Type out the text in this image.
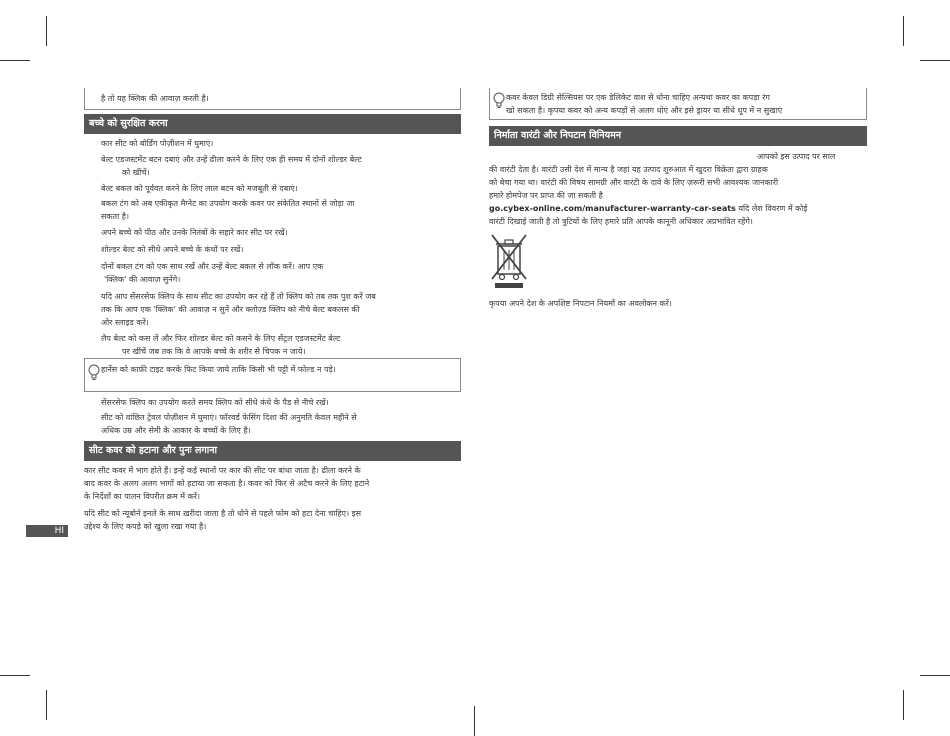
है तो यह क्लिक की आवाज़ करती है।

बच्चे को सुरक्षित करना

कार सीट को बोर्डिंग पोज़ीशन में घुमाएं।

बेल्ट एडजस्टमेंट बटन दबाएं और उन्हें ढीला करने के लिए एक ही समय में दोनों शोल्डर बेल्ट

को खींचें।

बेल्ट बकल को पूर्ववत करने के लिए लाल बटन को मजबूती से दबाएं।

बकल टंग को अब एकीकृत मैग्नेट का उपयोग करके कवर पर संकेतित स्थानों से जोड़ा जा

सकता है।

अपने बच्चे को पीठ और उनके नितंबों के सहारे कार सीट पर रखें।

शोल्डर बेल्ट को सीधे अपने बच्चे के कंधों पर रखें।

दोनों बकल टंग को एक साथ रखें और उन्हें बेल्ट बकल से लॉक करें। आप एक

'क्लिक' की आवाज़ सुनेंगे।

यदि आप सेंसरसेफ क्लिप के साथ सीट का उपयोग कर रहे हैं तो क्लिप को तब तक पुश करें जब

तक कि आप एक 'क्लिक' की आवाज़ न सुनें और क्लोज़्ड क्लिप को नीचे बेल्ट बकलस की

ओर स्लाइड करें।

लैप बेल्ट को कस लें और फिर शोल्डर बेल्ट को कसने के लिए सेंट्रल एडजस्टमेंट बेल्ट

पर खींचें जब तक कि वे आपके बच्चे के शरीर से चिपक न जाये।

हार्नेस को काफ़ी टाइट करके फिट किया जाये ताकि किसी भी पट्टी में फोल्ड न पड़े।

सेंसरसेफ क्लिप का उपयोग करते समय क्लिप को सीधे कंधे के पैड से नीचे रखें।

सीट को वांछित ट्रेवल पोज़ीशन में घुमाएं। फॉरवर्ड फेसिंग दिशा की अनुमति केवल महीने से

अधिक उम्र और सेमी के आकार के बच्चों के लिए है।

सीट कवर को हटाना और पुनः लगाना

कार सीट कवर में भाग होते हैं। इन्हें कई स्थानों पर कार की सीट पर बांधा जाता है। ढीला करने के

बाद कवर के अलग अलग भागों को हटाया जा सकता है। कवर को फिर से अटैच करने के लिए हटाने

के निर्देशों का पालन विपरीत क्रम में करें।

यदि सीट को न्यूबोर्न इनले के साथ ख़रीदा जाता है तो धोने से पहले फोम को हटा देना चाहिए। इस

उद्देश्य के लिए कपड़े को खुला रखा गया है।

HI

कवर केवल डिग्री सेल्सियस पर एक डेलिकेट वाश से धोना चाहिए अन्यथा कवर का कपड़ा रंग

खो सकता है। कृपया कवर को अन्य कपड़ों से अलग धोएं और इसे ड्रायर या सीधे धूप में न सुखाएं

निर्माता वारंटी और निपटान विनियमन

आपको इस उत्पाद पर साल

की वारंटी देता है। वारंटी उसी देश में मान्य है जहां यह उत्पाद शुरुआत में खुदरा विक्रेता द्वारा ग्राहक

को बेचा गया था। वारंटी की विषय सामग्री और वारंटी के दावे के लिए ज़रूरी सभी आवश्यक जानकारी

हमारे होमपेज पर प्राप्त की जा सकती है

go.cybex-online.com/manufacturer-warranty-car-seats यदि लेश विवरण में कोई

वारंटी दिखाई जाती है तो त्रुटियों के लिए हमारे प्रति आपके कानूनी अधिकार अप्रभावित रहेंगे।

कृपया अपने देश के अपशिष्ट निपटान नियमों का अवलोकन करें।
